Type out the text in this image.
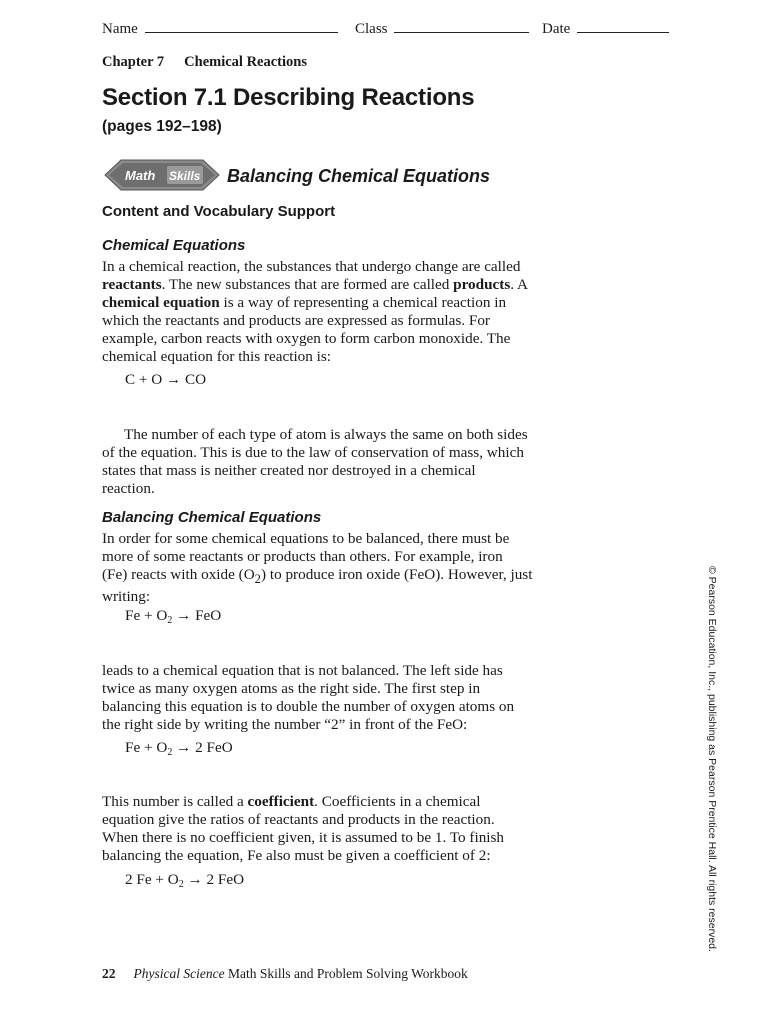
Name	Class	Date
Chapter 7 Chemical Reactions
Section 7.1 Describing Reactions
(pages 192–198)
Math Skills Balancing Chemical Equations
Content and Vocabulary Support
Chemical Equations
In a chemical reaction, the substances that undergo change are called
reactants. The new substances that are formed are called products. A
chemical equation is a way of representing a chemical reaction in
which the reactants and products are expressed as formulas. For
example, carbon reacts with oxygen to form carbon monoxide. The
chemical equation for this reaction is:
C + O → CO
The number of each type of atom is always the same on both sides
of the equation. This is due to the law of conservation of mass, which
states that mass is neither created nor destroyed in a chemical
reaction.
Balancing Chemical Equations
In order for some chemical equations to be balanced, there must be
more of some reactants or products than others. For example, iron
(Fe) reacts with oxide $(O_2)$ to produce iron oxide (FeO). However, just
writing:
$Fe + O_2$ → FeO
leads to a chemical equation that is not balanced. The left side has
twice as many oxygen atoms as the right side. The first step in
balancing this equation is to double the number of oxygen atoms on
the right side by writing the number “2” in front of the FeO:
$Fe + O_2 \to 2$ FeO
This number is called a coefficient. Coefficients in a chemical
equation give the ratios of reactants and products in the reaction.
When there is no coefficient given, it is assumed to be 1. To finish
balancing the equation, Fe also must be given a coefficient of 2:
2 $Fe + O_2 \to 2$ FeO	© Pearson Education, Inc., publishing as Pearson Prentice Hall. All rights reserved.
22 Physical Science Math Skills and Problem Solving Workbook
